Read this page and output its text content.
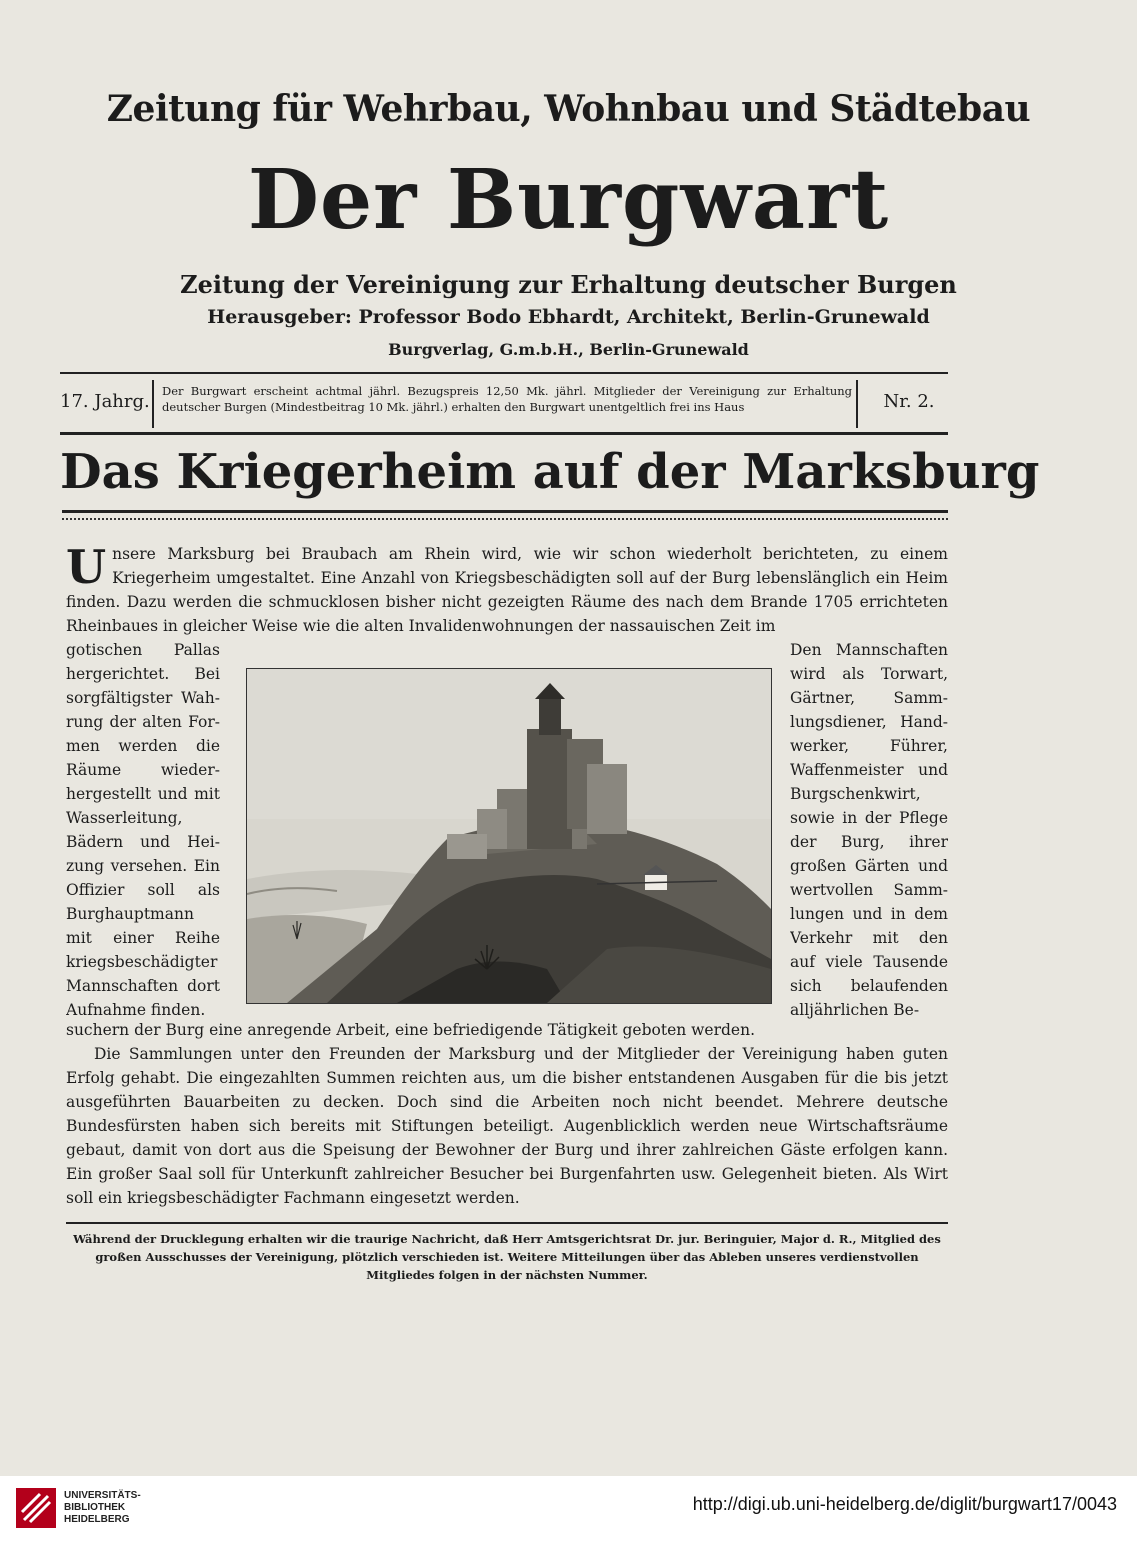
Zeitung für Wehrbau, Wohnbau und Städtebau
Der Burgwart
Zeitung der Vereinigung zur Erhaltung deutscher Burgen
Herausgeber: Professor Bodo Ebhardt, Architekt, Berlin-Grunewald
Burgverlag, G.m.b.H., Berlin-Grunewald
17. Jahrg. Der Burgwart erscheint achtmal jährl. Bezugspreis 12,50 Mk. jährl. Mitglieder der Vereinigung zur Erhaltung deutscher Burgen (Mindestbeitrag 10 Mk. jährl.) erhalten den Burgwart unentgeltlich frei ins Haus	Nr. 2.
Das Kriegerheim auf der Marksburg
Unsere Marksburg bei Braubach am Rhein wird, wie wir schon wiederholt berichteten, zu einem Kriegerheim umgestaltet. Eine Anzahl von Kriegsbeschädigten soll auf der Burg lebenslänglich ein Heim finden. Dazu werden die schmucklosen bisher nicht gezeigten Räume des nach dem Brande 1705 errichteten Rheinbaues in gleicher Weise wie die alten Invalidenwohnungen der nassauischen Zeit im
gotischen Pallas
hergerichtet. Bei
sorgfältigster Wah-
rung der alten For-
men werden die
Räume wieder-
hergestellt und mit
Wasserleitung,
Bädern und Hei-
zung versehen. Ein
Offizier soll als
Burghauptmann
mit einer Reihe
kriegsbeschädigter
Mannschaften dort
Aufnahme finden.
Den Mannschaften
wird als Torwart,
Gärtner, Samm-
lungsdiener, Hand-
werker, Führer,
Waffenmeister und
Burgschenkwirt,
sowie in der Pflege
der Burg, ihrer
großen Gärten und
wertvollen Samm-
lungen und in dem
Verkehr mit den
auf viele Tausende
sich belaufenden
alljährlichen Be-
suchern der Burg eine anregende Arbeit, eine befriedigende Tätigkeit geboten werden.
Die Sammlungen unter den Freunden der Marksburg und der Mitglieder der Vereinigung haben guten Erfolg gehabt. Die eingezahlten Summen reichten aus, um die bisher entstandenen Ausgaben für die bis jetzt ausgeführten Bauarbeiten zu decken. Doch sind die Arbeiten noch nicht beendet. Mehrere deutsche Bundesfürsten haben sich bereits mit Stiftungen beteiligt. Augenblicklich werden neue Wirtschaftsräume gebaut, damit von dort aus die Speisung der Bewohner der Burg und ihrer zahlreichen Gäste erfolgen kann. Ein großer Saal soll für Unterkunft zahlreicher Besucher bei Burgenfahrten usw. Gelegenheit bieten. Als Wirt soll ein kriegsbeschädigter Fachmann eingesetzt werden.
Während der Drucklegung erhalten wir die traurige Nachricht, daß Herr Amtsgerichtsrat Dr. jur. Beringuier, Major d. R., Mitglied des großen Ausschusses der Vereinigung, plötzlich verschieden ist. Weitere Mitteilungen über das Ableben unseres verdienstvollen Mitgliedes folgen in der nächsten Nummer.
UNIVERSITÄTS-
BIBLIOTHEK
HEIDELBERG
http://digi.ub.uni-heidelberg.de/diglit/burgwart17/0043
